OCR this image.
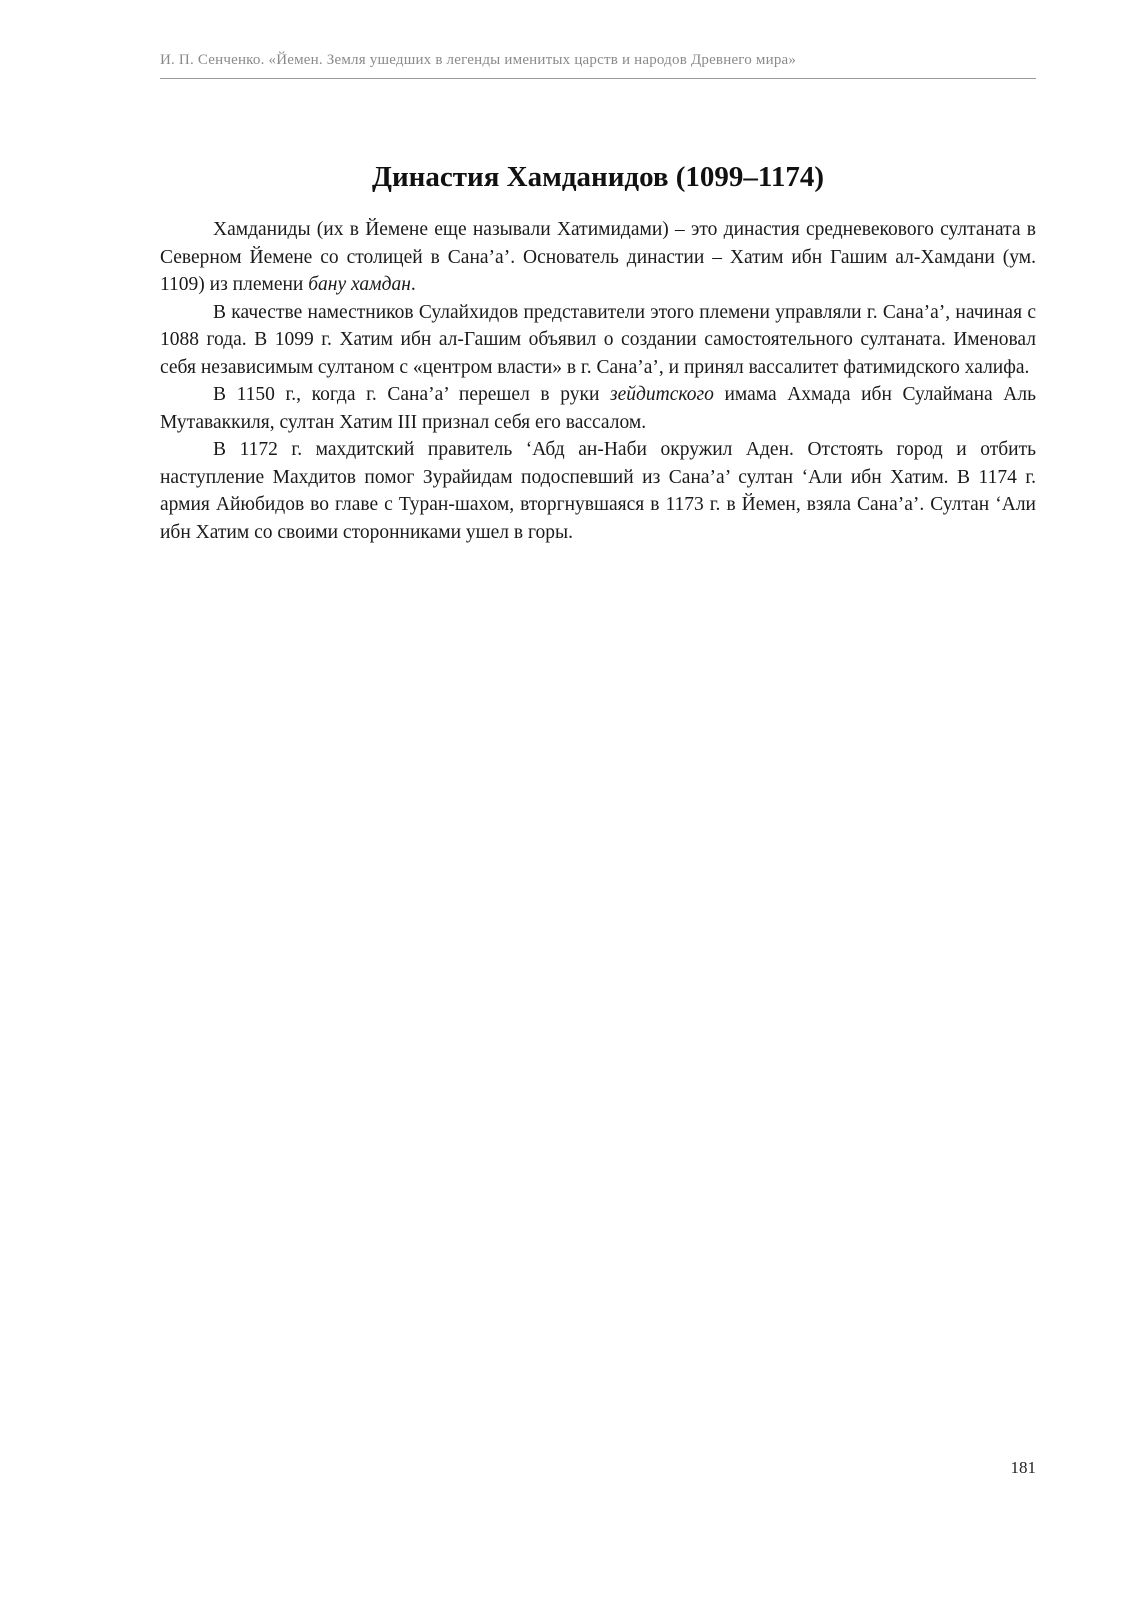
И. П. Сенченко. «Йемен. Земля ушедших в легенды именитых царств и народов Древнего мира»
Династия Хамданидов (1099–1174)

Хамданиды (их в Йемене еще называли Хатимидами) – это династия средневекового султаната в Северном Йемене со столицей в Сана’а’. Основатель династии – Хатим ибн Гашим ал-Хамдани (ум. 1109) из племени бану хамдан.

В качестве наместников Сулайхидов представители этого племени управляли г. Сана’а’, начиная с 1088 года. В 1099 г. Хатим ибн ал-Гашим объявил о создании самостоятельного султаната. Именовал себя независимым султаном с «центром власти» в г. Сана’а’, и принял вассалитет фатимидского халифа.

В 1150 г., когда г. Сана’а’ перешел в руки зейдитского имама Ахмада ибн Сулаймана Аль Мутаваккиля, султан Хатим III признал себя его вассалом.

В 1172 г. махдитский правитель ‘Абд ан-Наби окружил Аден. Отстоять город и отбить наступление Махдитов помог Зурайидам подоспевший из Сана’а’ султан ‘Али ибн Хатим. В 1174 г. армия Айюбидов во главе с Туран-шахом, вторгнувшаяся в 1173 г. в Йемен, взяла Сана’а’. Султан ‘Али ибн Хатим со своими сторонниками ушел в горы.

181
